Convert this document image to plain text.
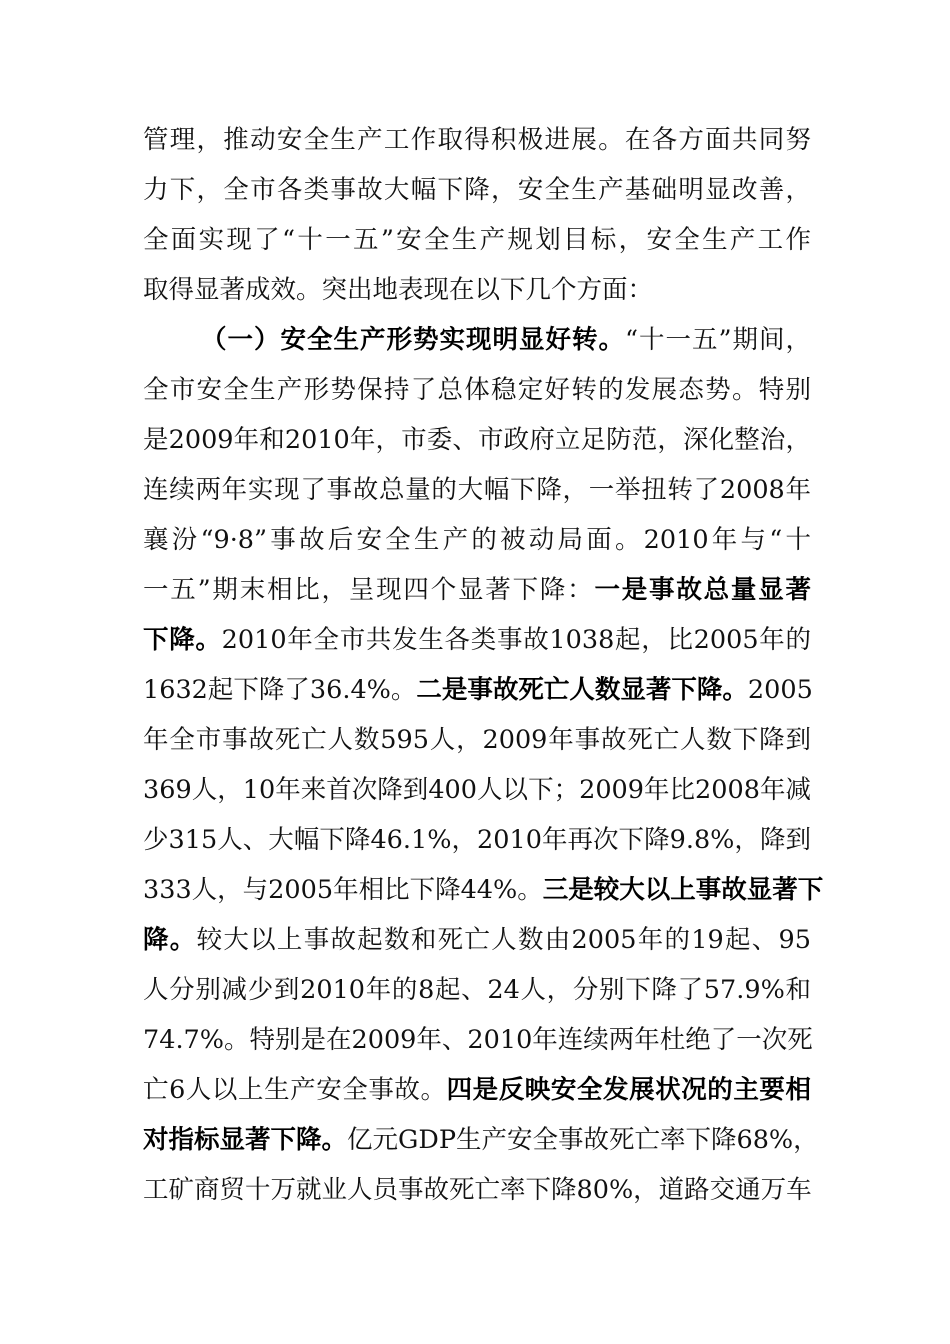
管理，推动安全生产工作取得积极进展。在各方面共同努
力下，全市各类事故大幅下降，安全生产基础明显改善，
全面实现了“十一五”安全生产规划目标，安全生产工作
取得显著成效。突出地表现在以下几个方面：
（一）安全生产形势实现明显好转。“十一五”期间，
全市安全生产形势保持了总体稳定好转的发展态势。特别
是2009年和2010年，市委、市政府立足防范，深化整治，
连续两年实现了事故总量的大幅下降，一举扭转了2008年
襄汾“9·8”事故后安全生产的被动局面。2010年与“十
一五”期末相比，呈现四个显著下降：一是事故总量显著
下降。2010年全市共发生各类事故1038起，比2005年的
1632起下降了36.4%。二是事故死亡人数显著下降。2005
年全市事故死亡人数595人，2009年事故死亡人数下降到
369人，10年来首次降到400人以下；2009年比2008年减
少315人、大幅下降46.1%，2010年再次下降9.8%，降到
333人，与2005年相比下降44%。三是较大以上事故显著下
降。较大以上事故起数和死亡人数由2005年的19起、95
人分别减少到2010年的8起、24人，分别下降了57.9%和
74.7%。特别是在2009年、2010年连续两年杜绝了一次死
亡6人以上生产安全事故。四是反映安全发展状况的主要相
对指标显著下降。亿元GDP生产安全事故死亡率下降68%，
工矿商贸十万就业人员事故死亡率下降80%，道路交通万车
